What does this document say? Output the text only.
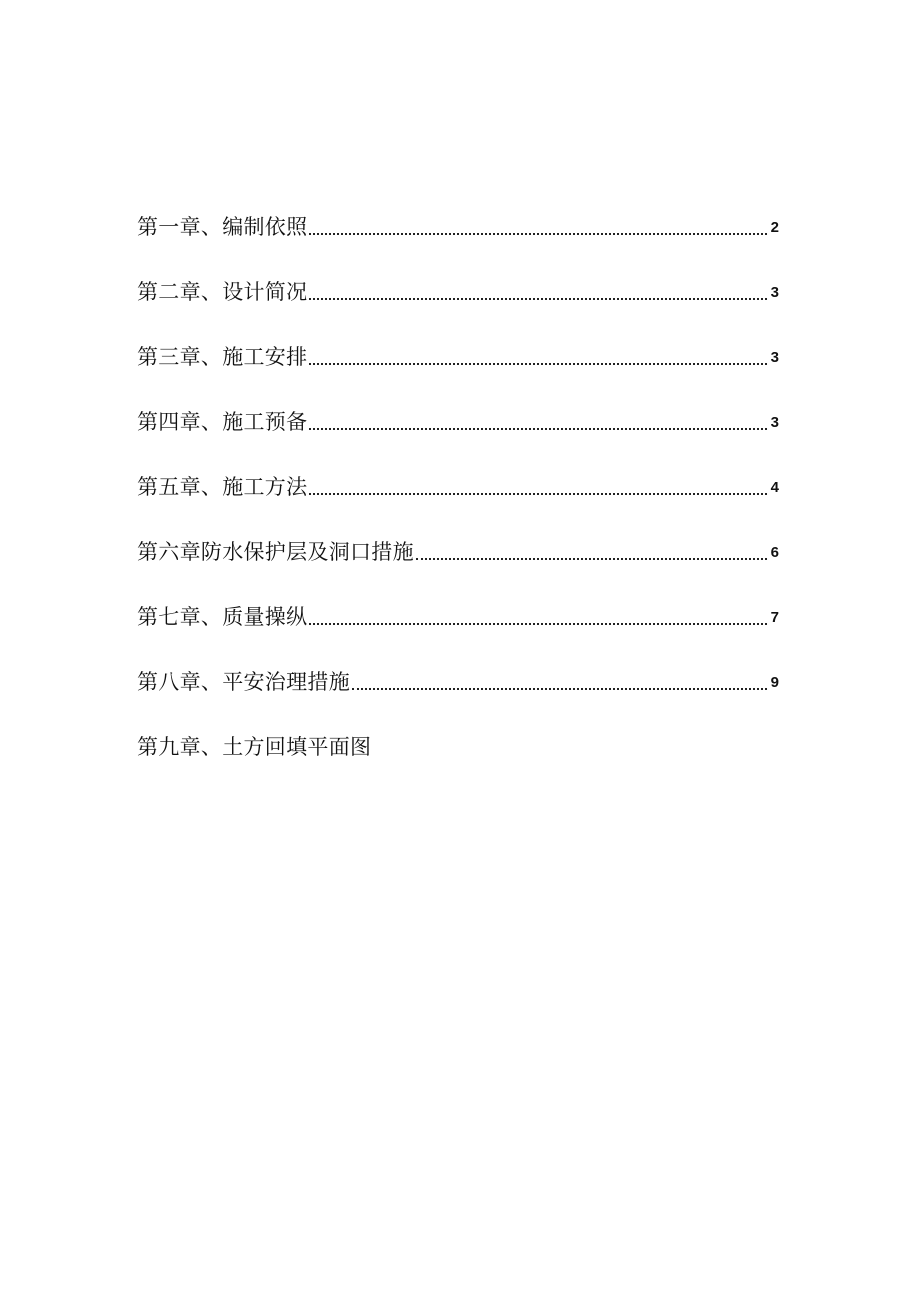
第一章、编制依照	2
第二章、设计简况	3
第三章、施工安排	3
第四章、施工预备	3
第五章、施工方法	4
第六章防水保护层及洞口措施	6
第七章、质量操纵	7
第八章、平安治理措施	9
第九章、土方回填平面图
